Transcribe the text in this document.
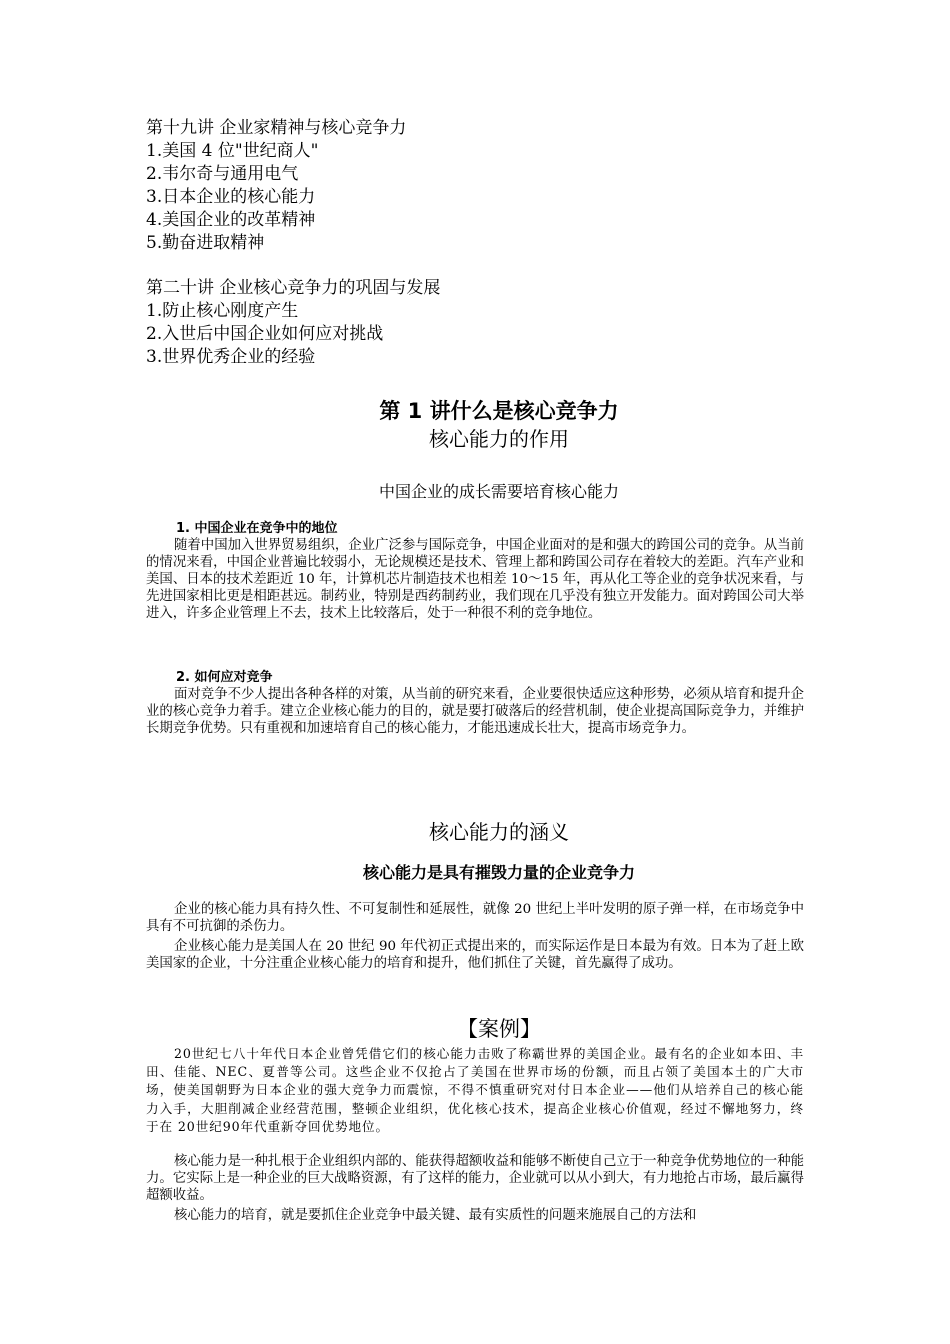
第十九讲 企业家精神与核心竞争力
1.美国 4 位"世纪商人"
2.韦尔奇与通用电气
3.日本企业的核心能力
4.美国企业的改革精神
5.勤奋进取精神
第二十讲 企业核心竞争力的巩固与发展
1.防止核心刚度产生
2.入世后中国企业如何应对挑战
3.世界优秀企业的经验
第 1 讲什么是核心竞争力
核心能力的作用
中国企业的成长需要培育核心能力
1. 中国企业在竞争中的地位

随着中国加入世界贸易组织，企业广泛参与国际竞争，中国企业面对的是和强大的跨国公司的竞争。从当前的情况来看，中国企业普遍比较弱小，无论规模还是技术、管理上都和跨国公司存在着较大的差距。汽车产业和美国、日本的技术差距近 10 年，计算机芯片制造技术也相差 10～15 年，再从化工等企业的竞争状况来看，与先进国家相比更是相距甚远。制药业，特别是西药制药业，我们现在几乎没有独立开发能力。面对跨国公司大举进入，许多企业管理上不去，技术上比较落后，处于一种很不利的竞争地位。

2. 如何应对竞争

面对竞争不少人提出各种各样的对策，从当前的研究来看，企业要很快适应这种形势，必须从培育和提升企业的核心竞争力着手。建立企业核心能力的目的，就是要打破落后的经营机制，使企业提高国际竞争力，并维护长期竞争优势。只有重视和加速培育自己的核心能力，才能迅速成长壮大，提高市场竞争力。

核心能力的涵义
核心能力是具有摧毁力量的企业竞争力

企业的核心能力具有持久性、不可复制性和延展性，就像 20 世纪上半叶发明的原子弹一样，在市场竞争中具有不可抗御的杀伤力。

企业核心能力是美国人在 20 世纪 90 年代初正式提出来的，而实际运作是日本最为有效。日本为了赶上欧美国家的企业，十分注重企业核心能力的培育和提升，他们抓住了关键，首先赢得了成功。

【案例】

20世纪七八十年代日本企业曾凭借它们的核心能力击败了称霸世界的美国企业。最有名的企业如本田、丰田、佳能、NEC、夏普等公司。这些企业不仅抢占了美国在世界市场的份额，而且占领了美国本土的广大市场，使美国朝野为日本企业的强大竞争力而震惊，不得不慎重研究对付日本企业——他们从培养自己的核心能力入手，大胆削减企业经营范围，整顿企业组织，优化核心技术，提高企业核心价值观，经过不懈地努力，终于在 20世纪90年代重新夺回优势地位。

核心能力是一种扎根于企业组织内部的、能获得超额收益和能够不断使自己立于一种竞争优势地位的一种能力。它实际上是一种企业的巨大战略资源，有了这样的能力，企业就可以从小到大，有力地抢占市场，最后赢得超额收益。

核心能力的培育，就是要抓住企业竞争中最关键、最有实质性的问题来施展自己的方法和
